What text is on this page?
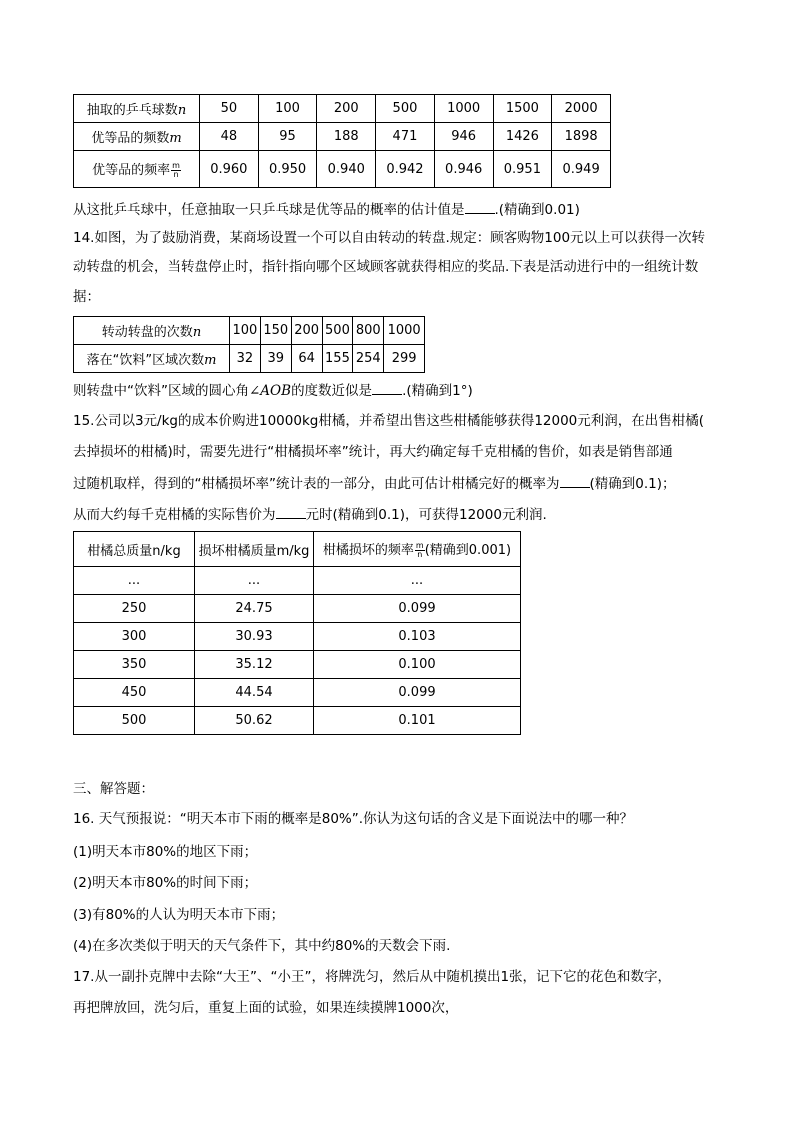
抽取的乒乓球数n	50	100	200	500	1000	1500	2000
优等品的频数m	48	95	188	471	946	1426	1898
优等品的频率 $\frac{m}{n}$	0.960	0.950	0.940	0.942	0.946	0.951	0.949
从这批乒乓球中，任意抽取一只乒乓球是优等品的概率的估计值是 .(精确到0.01)
14.如图，为了鼓励消费，某商场设置一个可以自由转动的转盘.规定：顾客购物100元以上可以获得一次转
动转盘的机会，当转盘停止时，指针指向哪个区域顾客就获得相应的奖品.下表是活动进行中的一组统计数
据：
转动转盘的次数n	100	150	200	500	800	1000
落在“饮料”区域次数m	32	39	64	155	254	299
则转盘中“饮料”区域的圆心角∠AOB的度数近似是 .(精确到1°)
15.公司以3元/kg的成本价购进10000kg柑橘，并希望出售这些柑橘能够获得12000元利润，在出售柑橘(
去掉损坏的柑橘)时，需要先进行“柑橘损坏率”统计，再大约确定每千克柑橘的售价，如表是销售部通
过随机取样，得到的“柑橘损坏率”统计表的一部分，由此可估计柑橘完好的概率为 (精确到0.1)；
从而大约每千克柑橘的实际售价为 元时(精确到0.1)，可获得12000元利润.
柑橘总质量n/kg	损坏柑橘质量m/kg	柑橘损坏的频率 $\frac{m}{n}$ (精确到0.001)
...	...	...
250	24.75	0.099
300	30.93	0.103
350	35.12	0.100
450	44.54	0.099
500	50.62	0.101
三、解答题：
16. 天气预报说：“明天本市下雨的概率是80%”.你认为这句话的含义是下面说法中的哪一种？
(1)明天本市80%的地区下雨；
(2)明天本市80%的时间下雨；
(3)有80%的人认为明天本市下雨；
(4)在多次类似于明天的天气条件下，其中约80%的天数会下雨.
17.从一副扑克牌中去除“大王”、“小王”，将牌洗匀，然后从中随机摸出1张，记下它的花色和数字，
再把牌放回，洗匀后，重复上面的试验，如果连续摸牌1000次，
